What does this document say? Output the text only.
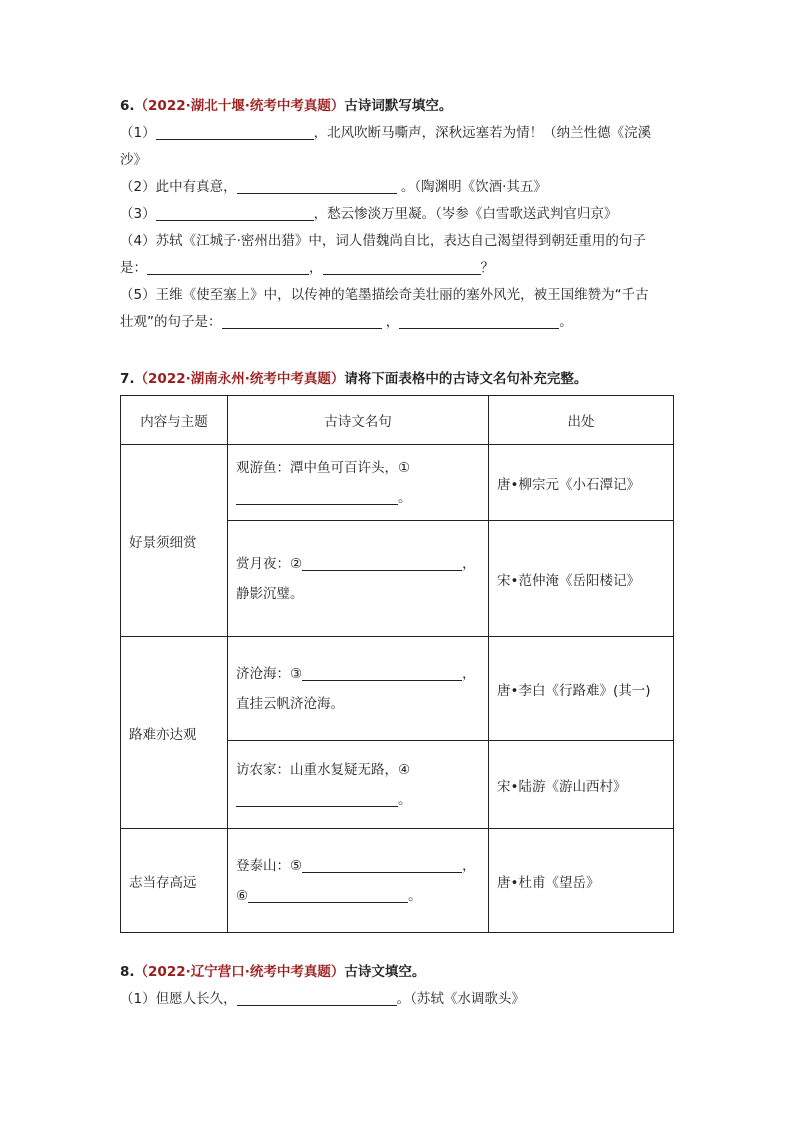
6.（2022·湖北十堰·统考中考真题）古诗词默写填空。
（1）	，北风吹断马嘶声，深秋远塞若为情！（纳兰性德《浣溪
沙》
（2）此中有真意，	。（陶渊明《饮酒·其五》
（3）	，愁云惨淡万里凝。（岑参《白雪歌送武判官归京》
（4）苏轼《江城子·密州出猎》中，词人借魏尚自比，表达自己渴望得到朝廷重用的句子
是：	，	？
（5）王维《使至塞上》中，以传神的笔墨描绘奇美壮丽的塞外风光，被王国维赞为“千古
壮观”的句子是：	，	。
7.（2022·湖南永州·统考中考真题）请将下面表格中的古诗文名句补充完整。
内容与主题	古诗文名句	出处
好景须细赏	观游鱼：潭中鱼可百许头，①
。	唐•柳宗元《小石潭记》

	赏月夜：② ，
静影沉璧。	宋•范仲淹《岳阳楼记》
路难亦达观	济沧海：③ ，
直挂云帆济沧海。	唐•李白《行路难》(其一)

	访农家：山重水复疑无路，④
。	宋•陆游《游山西村》
志当存高远	登泰山：⑤ ，
⑥ 。	唐•杜甫《望岳》
8.（2022·辽宁营口·统考中考真题）古诗文填空。
（1）但愿人长久，	。（苏轼《水调歌头》
